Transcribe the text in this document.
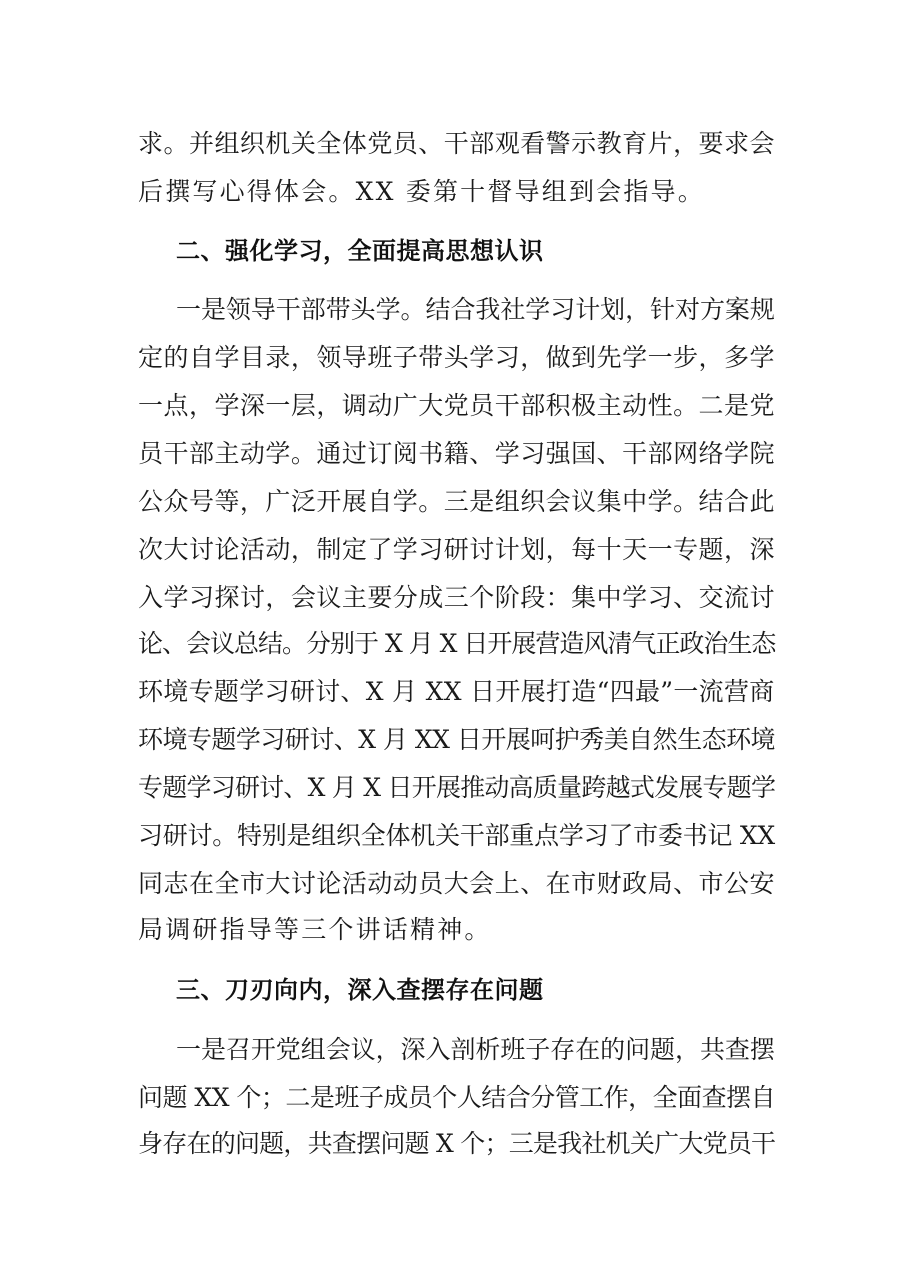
求。并组织机关全体党员、干部观看警示教育片，要求会
后撰写心得体会。XX 委第十督导组到会指导。
二、强化学习，全面提高思想认识
一是领导干部带头学。结合我社学习计划，针对方案规
定的自学目录，领导班子带头学习，做到先学一步，多学
一点，学深一层，调动广大党员干部积极主动性。二是党
员干部主动学。通过订阅书籍、学习强国、干部网络学院
公众号等，广泛开展自学。三是组织会议集中学。结合此
次大讨论活动，制定了学习研讨计划，每十天一专题，深
入学习探讨，会议主要分成三个阶段：集中学习、交流讨
论、会议总结。分别于 X 月 X 日开展营造风清气正政治生态
环境专题学习研讨、X 月 XX 日开展打造“四最”一流营商
环境专题学习研讨、X 月 XX 日开展呵护秀美自然生态环境
专题学习研讨、X 月 X 日开展推动高质量跨越式发展专题学
习研讨。特别是组织全体机关干部重点学习了市委书记 XX
同志在全市大讨论活动动员大会上、在市财政局、市公安
局调研指导等三个讲话精神。
三、刀刃向内，深入查摆存在问题
一是召开党组会议，深入剖析班子存在的问题，共查摆
问题 XX 个；二是班子成员个人结合分管工作，全面查摆自
身存在的问题，共查摆问题 X 个；三是我社机关广大党员干
